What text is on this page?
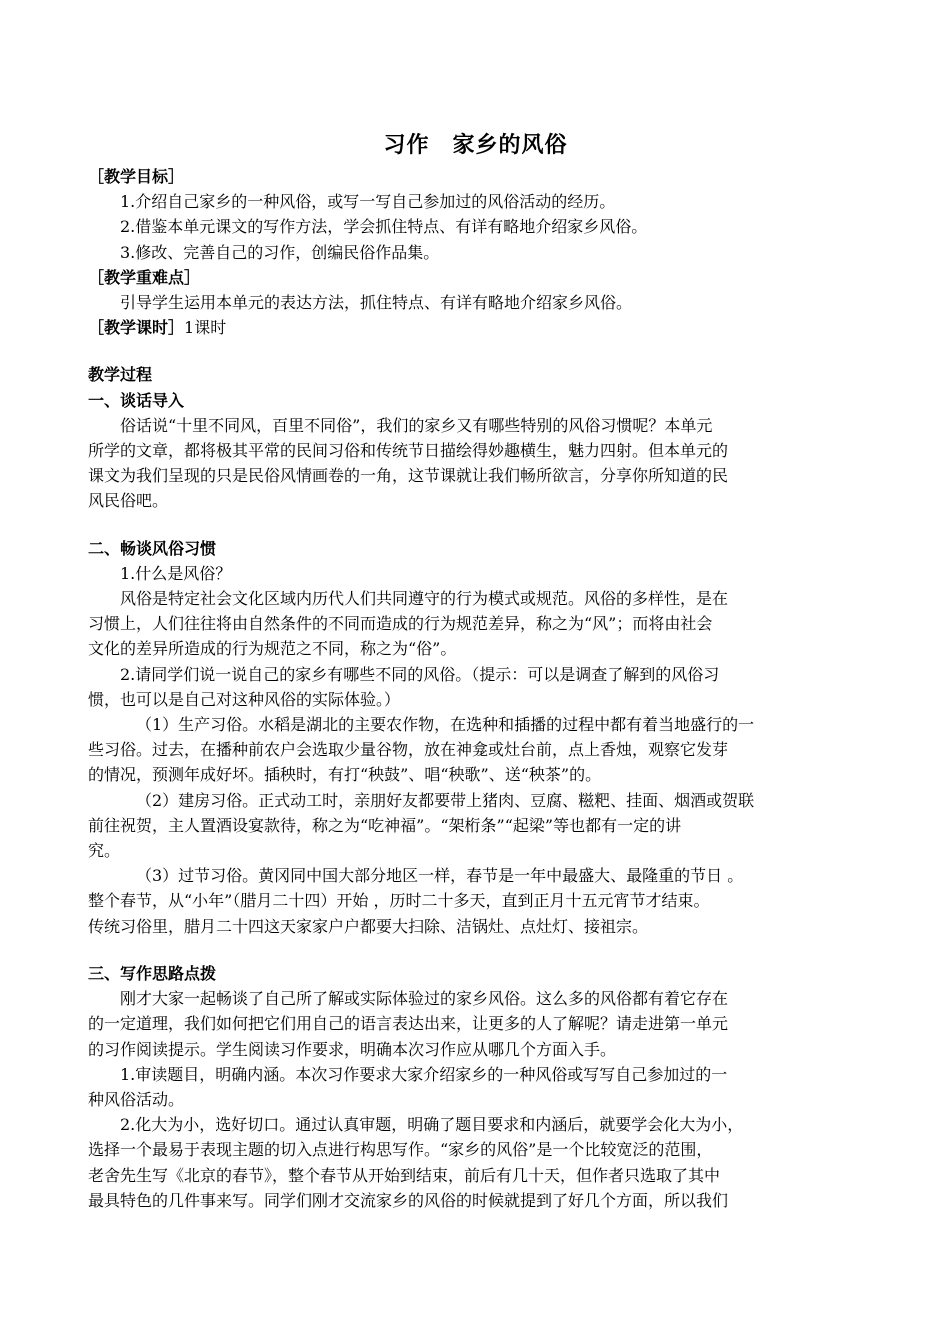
习作　家乡的风俗

［教学目标］

1.介绍自己家乡的一种风俗，或写一写自己参加过的风俗活动的经历。

2.借鉴本单元课文的写作方法，学会抓住特点、有详有略地介绍家乡风俗。

3.修改、完善自己的习作，创编民俗作品集。

［教学重难点］

引导学生运用本单元的表达方法，抓住特点、有详有略地介绍家乡风俗。

［教学课时］1课时

教学过程

一、谈话导入

俗话说“十里不同风，百里不同俗”，我们的家乡又有哪些特别的风俗习惯呢？本单元

所学的文章，都将极其平常的民间习俗和传统节日描绘得妙趣横生，魅力四射。但本单元的

课文为我们呈现的只是民俗风情画卷的一角，这节课就让我们畅所欲言，分享你所知道的民

风民俗吧。

二、畅谈风俗习惯

1.什么是风俗？

风俗是特定社会文化区域内历代人们共同遵守的行为模式或规范。风俗的多样性，是在

习惯上，人们往往将由自然条件的不同而造成的行为规范差异，称之为“风”；而将由社会

文化的差异所造成的行为规范之不同，称之为“俗”。

2.请同学们说一说自己的家乡有哪些不同的风俗。（提示：可以是调查了解到的风俗习

惯，也可以是自己对这种风俗的实际体验。）

（1）生产习俗。水稻是湖北的主要农作物，在选种和插播的过程中都有着当地盛行的一

些习俗。过去，在播种前农户会选取少量谷物，放在神龛或灶台前，点上香烛，观察它发芽

的情况，预测年成好坏。插秧时，有打“秧鼓”、唱“秧歌”、送“秧茶”的。

（2）建房习俗。正式动工时，亲朋好友都要带上猪肉、豆腐、糍粑、挂面、烟酒或贺联

前往祝贺，主人置酒设宴款待，称之为“吃神福”。“架桁条”“起梁”等也都有一定的讲

究。

（3）过节习俗。黄冈同中国大部分地区一样，春节是一年中最盛大、最隆重的节日 。

整个春节，从“小年”（腊月二十四）开始 ，历时二十多天，直到正月十五元宵节才结束。

传统习俗里，腊月二十四这天家家户户都要大扫除、洁锅灶、点灶灯、接祖宗。

三、写作思路点拨

刚才大家一起畅谈了自己所了解或实际体验过的家乡风俗。这么多的风俗都有着它存在

的一定道理，我们如何把它们用自己的语言表达出来，让更多的人了解呢？请走进第一单元

的习作阅读提示。学生阅读习作要求，明确本次习作应从哪几个方面入手。

1.审读题目，明确内涵。本次习作要求大家介绍家乡的一种风俗或写写自己参加过的一

种风俗活动。

2.化大为小，选好切口。通过认真审题，明确了题目要求和内涵后，就要学会化大为小，

选择一个最易于表现主题的切入点进行构思写作。“家乡的风俗”是一个比较宽泛的范围，

老舍先生写《北京的春节》，整个春节从开始到结束，前后有几十天，但作者只选取了其中

最具特色的几件事来写。同学们刚才交流家乡的风俗的时候就提到了好几个方面，所以我们
